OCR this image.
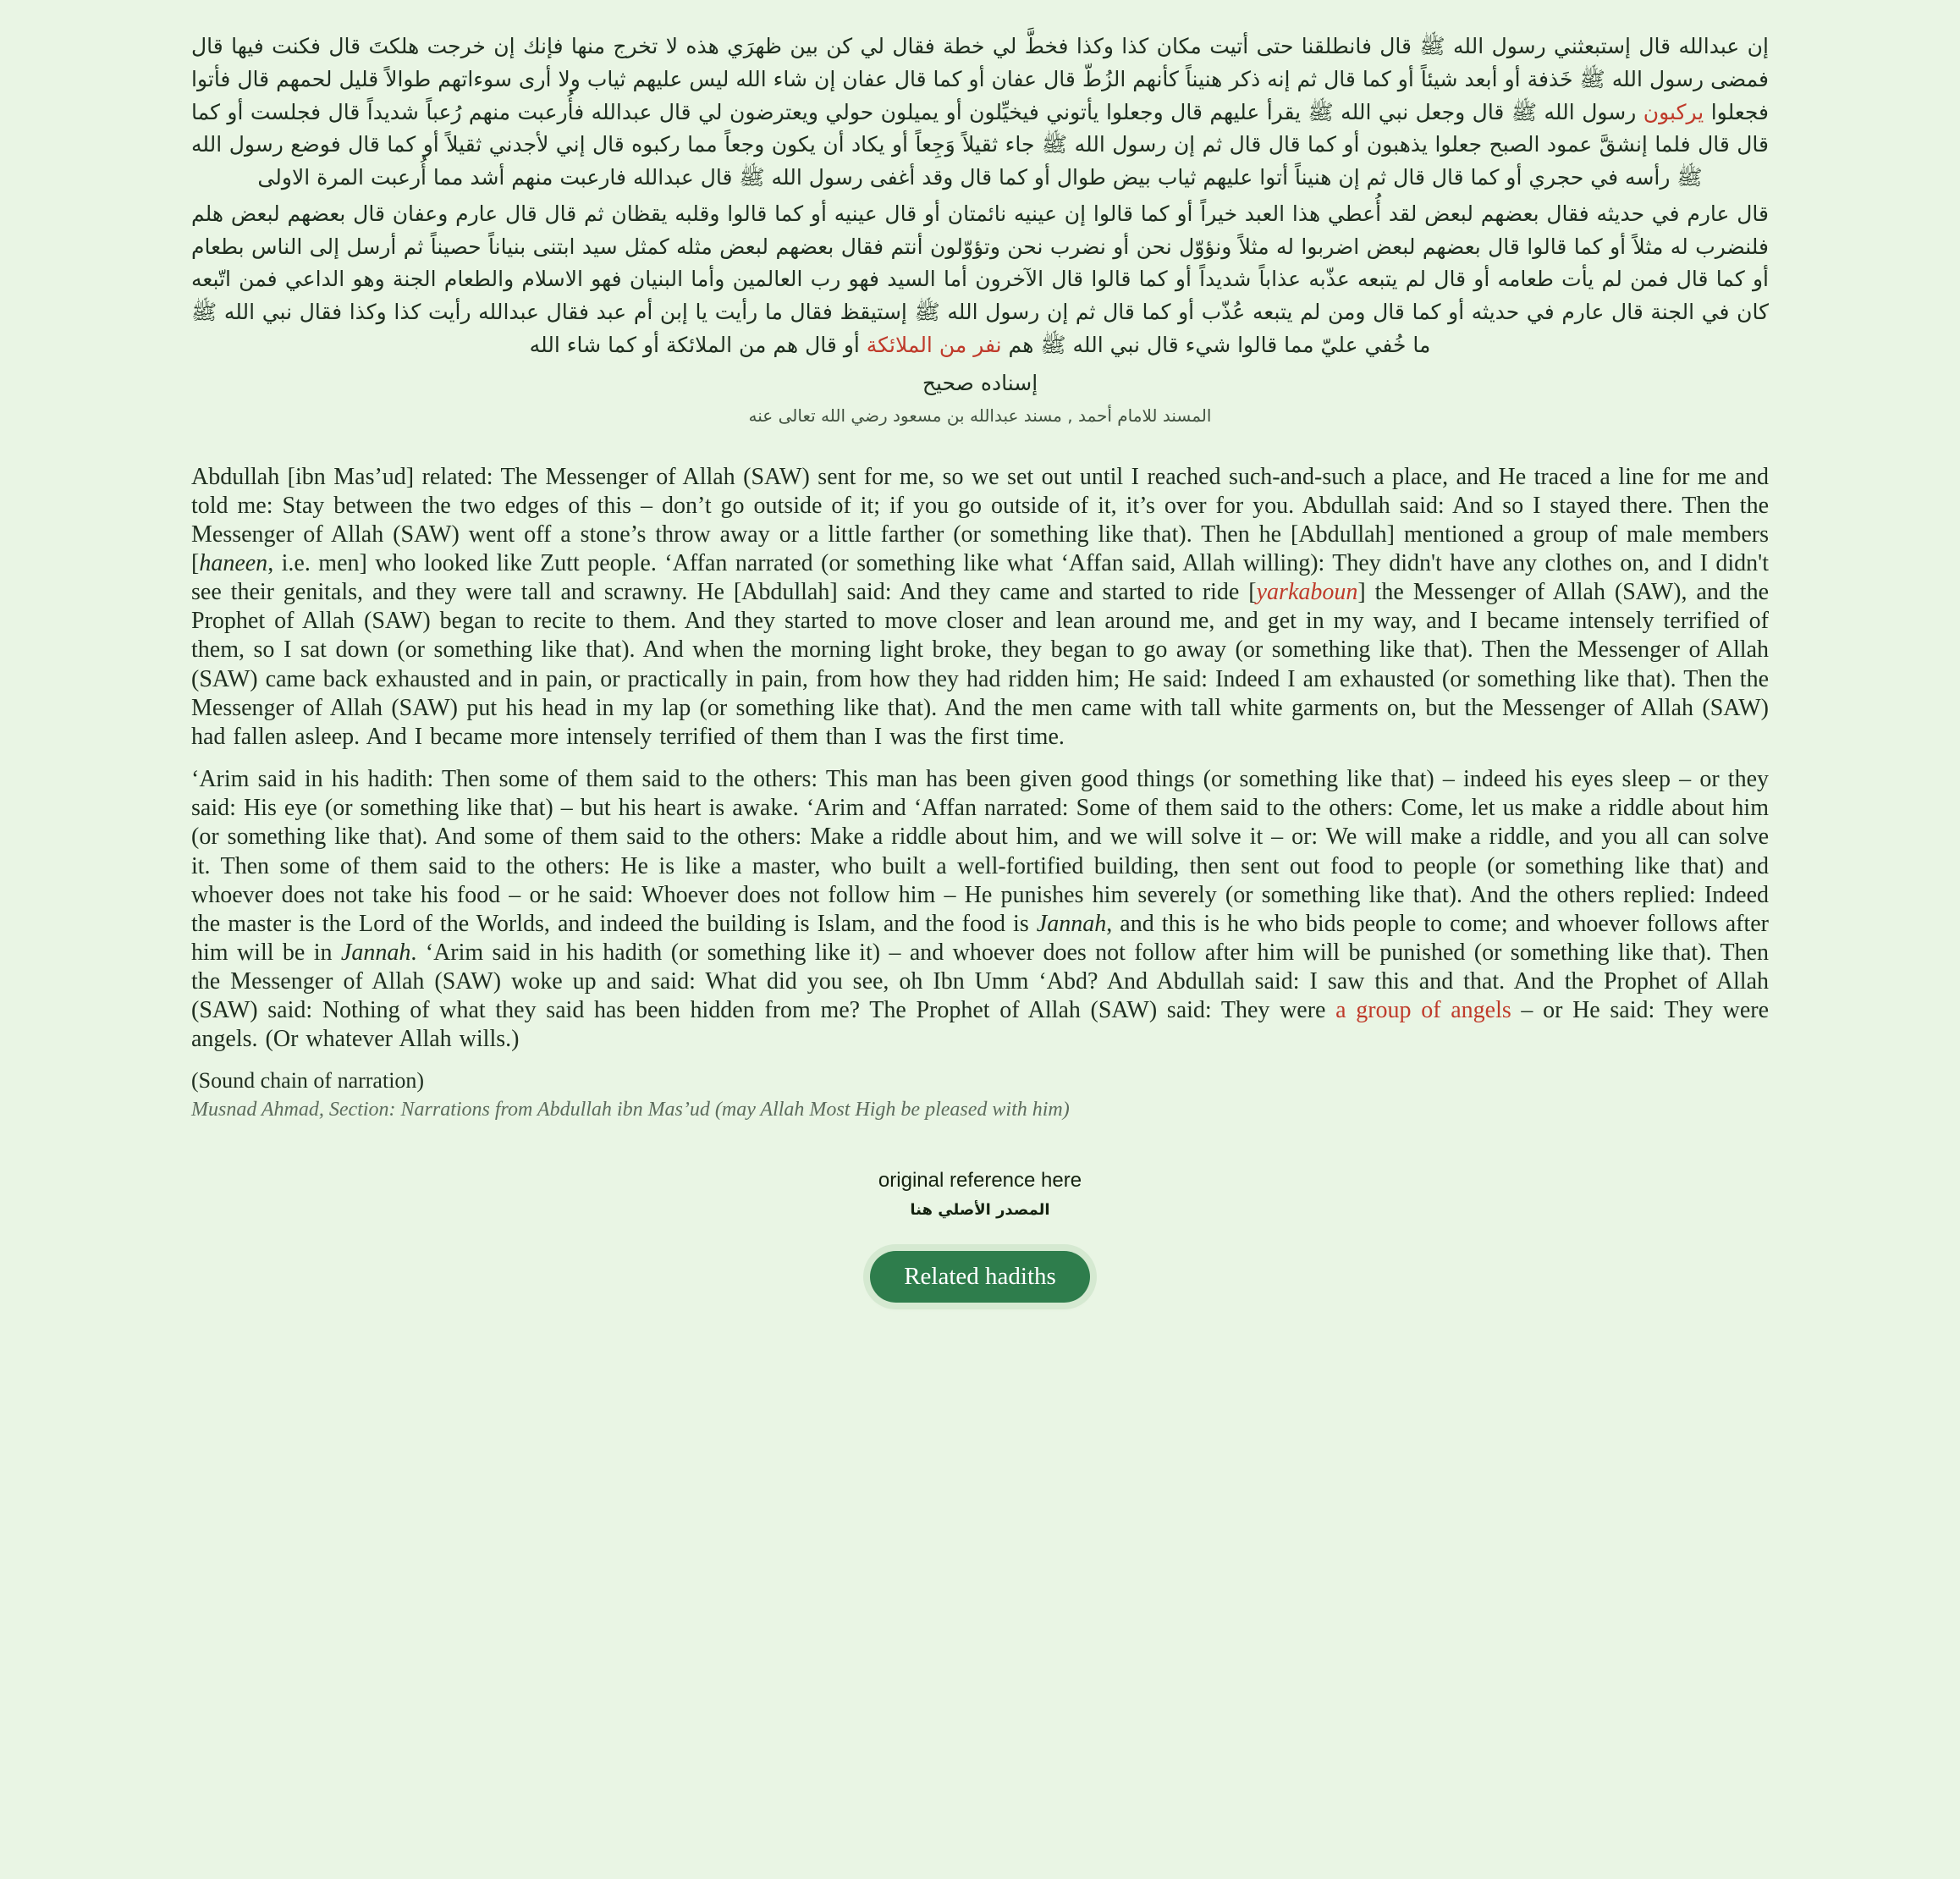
إن عبدالله قال إستبعثني رسول الله ﷺ قال فانطلقنا حتى أتيت مكان كذا وكذا فخطَّ لي خطة فقال لي كن بين ظهرَي هذه لا تخرج منها فإنك إن خرجت هلكتَ قال فكنت فيها قال فمضى رسول الله ﷺ خَذفة أو أبعد شيئاً أو كما قال ثم إنه ذكر هنيناً كأنهم الزُطّ قال عفان أو كما قال عفان إن شاء الله ليس عليهم ثياب ولا أرى سوءاتهم طوالاً قليل لحمهم قال فأتوا فجعلوا يركبون رسول الله ﷺ قال وجعل نبي الله ﷺ يقرأ عليهم قال وجعلوا يأتوني فيخيِّلون أو يميلون حولي ويعترضون لي قال عبدالله فأُرعبت منهم رُعباً شديداً قال فجلست أو كما قال قال فلما إنشقَّ عمود الصبح جعلوا يذهبون أو كما قال قال ثم إن رسول الله ﷺ جاء ثقيلاً وَجِعاً أو يكاد أن يكون وجعاً مما ركبوه قال إني لأجدني ثقيلاً أو كما قال فوضع رسول الله ﷺ رأسه في حجري أو كما قال قال ثم إن هنيناً أتوا عليهم ثياب بيض طوال أو كما قال وقد أغفى رسول الله ﷺ قال عبدالله فارعبت منهم أشد مما أُرعبت المرة الاولى

قال عارم في حديثه فقال بعضهم لبعض لقد أُعطي هذا العبد خيراً أو كما قالوا إن عينيه نائمتان أو قال عينيه أو كما قالوا وقلبه يقظان ثم قال قال عارم وعفان قال بعضهم لبعض هلم فلنضرب له مثلاً أو كما قالوا قال بعضهم لبعض اضربوا له مثلاً ونؤوّل نحن أو نضرب نحن وتؤوّلون أنتم فقال بعضهم لبعض مثله كمثل سيد ابتنى بنياناً حصيناً ثم أرسل إلى الناس بطعام أو كما قال فمن لم يأت طعامه أو قال لم يتبعه عذّبه عذاباً شديداً أو كما قالوا قال الآخرون أما السيد فهو رب العالمين وأما البنيان فهو الاسلام والطعام الجنة وهو الداعي فمن اتّبعه كان في الجنة قال عارم في حديثه أو كما قال ومن لم يتبعه عُذّب أو كما قال ثم إن رسول الله ﷺ إستيقظ فقال ما رأيت يا إبن أم عبد فقال عبدالله رأيت كذا وكذا فقال نبي الله ﷺ ما خُفي عليّ مما قالوا شيء قال نبي الله ﷺ هم نفر من الملائكة أو قال هم من الملائكة أو كما شاء الله

إسناده صحيح

المسند للامام أحمد , مسند عبدالله بن مسعود رضي الله تعالى عنه

Abdullah [ibn Mas’ud] related: The Messenger of Allah (SAW) sent for me, so we set out until I reached such-and-such a place, and He traced a line for me and told me: Stay between the two edges of this – don’t go outside of it; if you go outside of it, it’s over for you. Abdullah said: And so I stayed there. Then the Messenger of Allah (SAW) went off a stone’s throw away or a little farther (or something like that). Then he [Abdullah] mentioned a group of male members [haneen, i.e. men] who looked like Zutt people. ‘Affan narrated (or something like what ‘Affan said, Allah willing): They didn't have any clothes on, and I didn't see their genitals, and they were tall and scrawny. He [Abdullah] said: And they came and started to ride [yarkaboun] the Messenger of Allah (SAW), and the Prophet of Allah (SAW) began to recite to them. And they started to move closer and lean around me, and get in my way, and I became intensely terrified of them, so I sat down (or something like that). And when the morning light broke, they began to go away (or something like that). Then the Messenger of Allah (SAW) came back exhausted and in pain, or practically in pain, from how they had ridden him; He said: Indeed I am exhausted (or something like that). Then the Messenger of Allah (SAW) put his head in my lap (or something like that). And the men came with tall white garments on, but the Messenger of Allah (SAW) had fallen asleep. And I became more intensely terrified of them than I was the first time.

‘Arim said in his hadith: Then some of them said to the others: This man has been given good things (or something like that) – indeed his eyes sleep – or they said: His eye (or something like that) – but his heart is awake. ‘Arim and ‘Affan narrated: Some of them said to the others: Come, let us make a riddle about him (or something like that). And some of them said to the others: Make a riddle about him, and we will solve it – or: We will make a riddle, and you all can solve it. Then some of them said to the others: He is like a master, who built a well-fortified building, then sent out food to people (or something like that) and whoever does not take his food – or he said: Whoever does not follow him – He punishes him severely (or something like that). And the others replied: Indeed the master is the Lord of the Worlds, and indeed the building is Islam, and the food is Jannah, and this is he who bids people to come; and whoever follows after him will be in Jannah. ‘Arim said in his hadith (or something like it) – and whoever does not follow after him will be punished (or something like that). Then the Messenger of Allah (SAW) woke up and said: What did you see, oh Ibn Umm ‘Abd? And Abdullah said: I saw this and that. And the Prophet of Allah (SAW) said: Nothing of what they said has been hidden from me? The Prophet of Allah (SAW) said: They were a group of angels – or He said: They were angels. (Or whatever Allah wills.)

(Sound chain of narration)

Musnad Ahmad, Section: Narrations from Abdullah ibn Mas’ud (may Allah Most High be pleased with him)

original reference here
المصدر الأصلي هنا
Related hadiths
